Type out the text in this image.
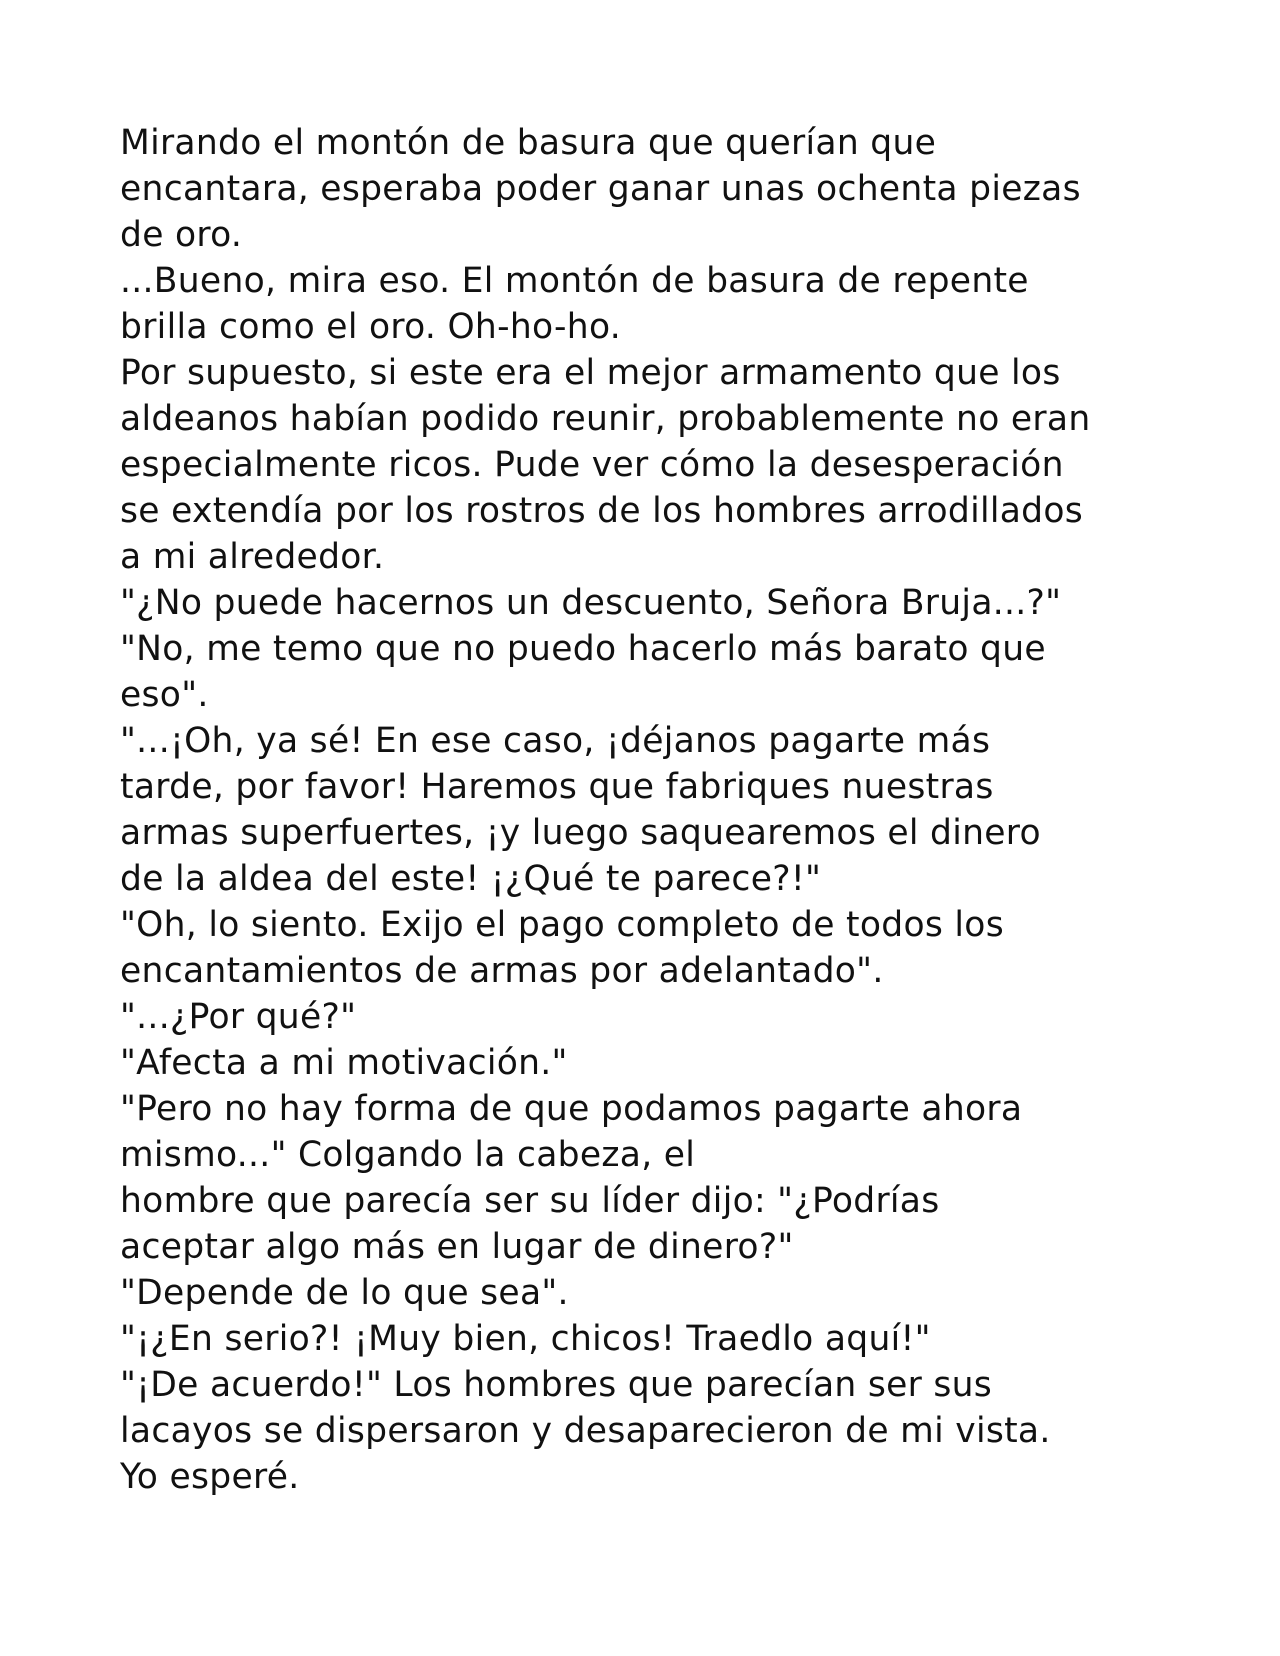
Mirando el montón de basura que querían que
encantara, esperaba poder ganar unas ochenta piezas
de oro.
...Bueno, mira eso. El montón de basura de repente
brilla como el oro. Oh-ho-ho.
Por supuesto, si este era el mejor armamento que los
aldeanos habían podido reunir, probablemente no eran
especialmente ricos. Pude ver cómo la desesperación
se extendía por los rostros de los hombres arrodillados
a mi alrededor.
"¿No puede hacernos un descuento, Señora Bruja...?"
"No, me temo que no puedo hacerlo más barato que
eso".
"...¡Oh, ya sé! En ese caso, ¡déjanos pagarte más
tarde, por favor! Haremos que fabriques nuestras
armas superfuertes, ¡y luego saquearemos el dinero
de la aldea del este! ¡¿Qué te parece?!"
"Oh, lo siento. Exijo el pago completo de todos los
encantamientos de armas por adelantado".
"...¿Por qué?"
"Afecta a mi motivación."
"Pero no hay forma de que podamos pagarte ahora
mismo..." Colgando la cabeza, el
hombre que parecía ser su líder dijo: "¿Podrías
aceptar algo más en lugar de dinero?"
"Depende de lo que sea".
"¡¿En serio?! ¡Muy bien, chicos! Traedlo aquí!"
"¡De acuerdo!" Los hombres que parecían ser sus
lacayos se dispersaron y desaparecieron de mi vista.
Yo esperé.
